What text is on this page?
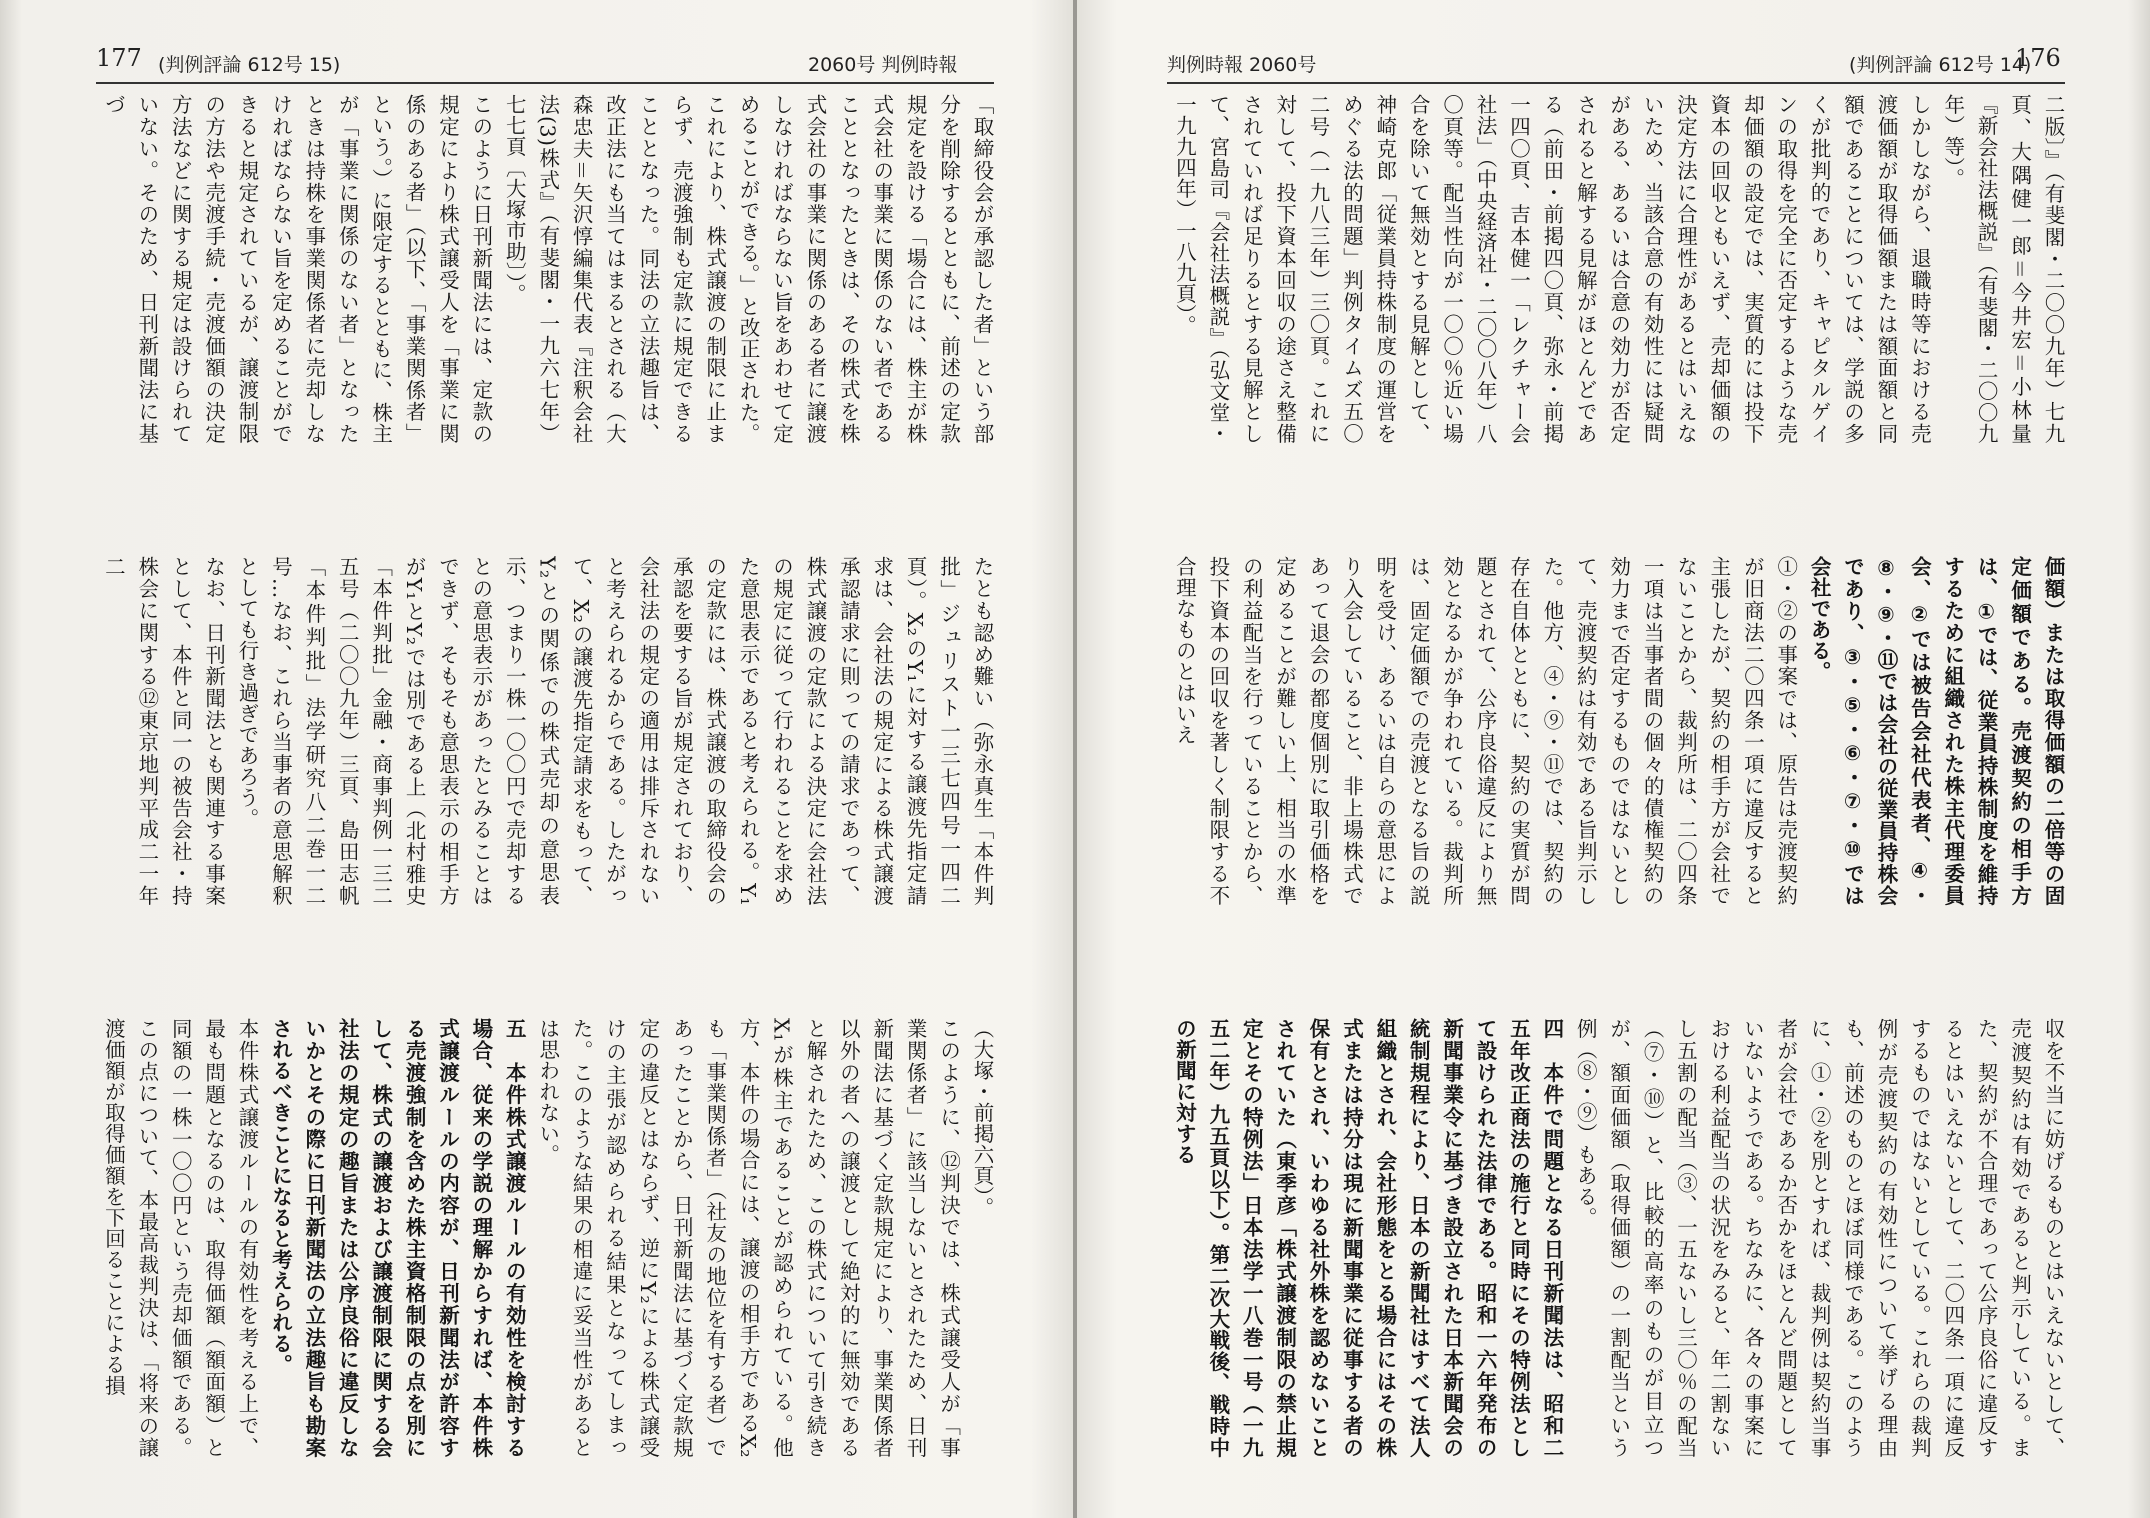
177 (判例評論 612号 15)	2060号 判例時報
「取締役会が承認した者」という部分を削除するとともに、前述の定款規定を設ける「場合には、株主が株式会社の事業に関係のない者であることとなったときは、その株式を株式会社の事業に関係のある者に譲渡しなければならない旨をあわせて定めることができる。」と改正された。これにより、株式譲渡の制限に止まらず、売渡強制も定款に規定できることとなった。同法の立法趣旨は、改正法にも当てはまるとされる（大森忠夫＝矢沢惇編集代表『注釈会社法(3)株式』（有斐閣・一九六七年）七七頁〔大塚市助〕）。
このように日刊新聞法には、定款の規定により株式譲受人を「事業に関係のある者」（以下、「事業関係者」という。）に限定するとともに、株主が「事業に関係のない者」となったときは持株を事業関係者に売却しなければならない旨を定めることができると規定されているが、譲渡制限の方法や売渡手続・売渡価額の決定方法などに関する規定は設けられていない。そのため、日刊新聞法に基づ
たとも認め難い（弥永真生「本件判批」ジュリスト一三七四号一四二頁）。X₂のY₁に対する譲渡先指定請求は、会社法の規定による株式譲渡承認請求に則っての請求であって、株式譲渡の定款による決定に会社法の規定に従って行われることを求めた意思表示であると考えられる。Y₁の定款には、株式譲渡の取締役会の承認を要する旨が規定されており、会社法の規定の適用は排斥されないと考えられるからである。したがって、X₂の譲渡先指定請求をもって、Y₂との関係での株式売却の意思表示、つまり一株一〇〇円で売却するとの意思表示があったとみることはできず、そもそも意思表示の相手方がY₁とY₂では別である上（北村雅史「本件判批」金融・商事判例一三二五号（二〇〇九年）三頁、島田志帆「本件判批」法学研究八二巻一二号…なお、これら当事者の意思解釈としても行き過ぎであろう。
なお、日刊新聞法とも関連する事案として、本件と同一の被告会社・持株会に関する⑫東京地判平成二一年二
（大塚・前掲六頁）。
このように、⑫判決では、株式譲受人が「事業関係者」に該当しないとされたため、日刊新聞法に基づく定款規定により、事業関係者以外の者への譲渡として絶対的に無効であると解されたため、この株式について引き続きX₁が株主であることが認められている。他方、本件の場合には、譲渡の相手方であるX₂も「事業関係者」（社友の地位を有する者）であったことから、日刊新聞法に基づく定款規定の違反とはならず、逆にY₂による株式譲受けの主張が認められる結果となってしまった。このような結果の相違に妥当性があるとは思われない。
五　本件株式譲渡ルールの有効性を検討する場合、従来の学説の理解からすれば、本件株式譲渡ルールの内容が、日刊新聞法が許容する売渡強制を含めた株主資格制限の点を別にして、株式の譲渡および譲渡制限に関する会社法の規定の趣旨または公序良俗に違反しないかとその際に日刊新聞法の立法趣旨も勘案されるべきことになると考えられる。
本件株式譲渡ルールの有効性を考える上で、最も問題となるのは、取得価額（額面額）と同額の一株一〇〇円という売却価額である。この点について、本最高裁判決は、「将来の譲渡価額が取得価額を下回ることによる損
判例時報 2060号	(判例評論 612号 14)
176
二版〕』（有斐閣・二〇〇九年）七九頁、大隅健一郎＝今井宏＝小林量『新会社法概説』（有斐閣・二〇〇九年）等）。
しかしながら、退職時等における売渡価額が取得価額または額面額と同額であることについては、学説の多くが批判的であり、キャピタルゲインの取得を完全に否定するような売却価額の設定では、実質的には投下資本の回収ともいえず、売却価額の決定方法に合理性があるとはいえないため、当該合意の有効性には疑問がある、あるいは合意の効力が否定されると解する見解がほとんどである（前田・前掲四〇頁、弥永・前掲一四〇頁、吉本健一「レクチャー会社法」（中央経済社・二〇〇八年）八〇頁等。配当性向が一〇〇％近い場合を除いて無効とする見解として、神崎克郎「従業員持株制度の運営をめぐる法的問題」判例タイムズ五〇二号（一九八三年）三〇頁。これに対して、投下資本回収の途さえ整備されていれば足りるとする見解として、宮島司『会社法概説』（弘文堂・一九九四年）一八九頁）。
　価額）または取得価額の二倍等の固定価額である。売渡契約の相手方は、①では、従業員持株制度を維持するために組織された株主代理委員会、②では被告会社代表者、④・⑧・⑨・⑪では会社の従業員持株会であり、③・⑤・⑥・⑦・⑩では会社である。
①・②の事案では、原告は売渡契約が旧商法二〇四条一項に違反すると主張したが、契約の相手方が会社でないことから、裁判所は、二〇四条一項は当事者間の個々的債権契約の効力まで否定するものではないとして、売渡契約は有効である旨判示した。他方、④・⑨・⑪では、契約の存在自体とともに、契約の実質が問題とされて、公序良俗違反により無効となるかが争われている。裁判所は、固定価額での売渡となる旨の説明を受け、あるいは自らの意思により入会していること、非上場株式であって退会の都度個別に取引価格を定めることが難しい上、相当の水準の利益配当を行っていることから、投下資本の回収を著しく制限する不合理なものとはいえ
収を不当に妨げるものとはいえないとして、売渡契約は有効であると判示している。また、契約が不合理であって公序良俗に違反するとはいえないとして、二〇四条一項に違反するものではないとしている。これらの裁判例が売渡契約の有効性について挙げる理由も、前述のものとほぼ同様である。このように、①・②を別とすれば、裁判例は契約当事者が会社であるか否かをほとんど問題としていないようである。ちなみに、各々の事案における利益配当の状況をみると、年二割ないし五割の配当（③、一五ないし三〇％の配当（⑦・⑩）と、比較的高率のものが目立つが、額面価額（取得価額）の一割配当という例（⑧・⑨）もある。
四　本件で問題となる日刊新聞法は、昭和二五年改正商法の施行と同時にその特例法として設けられた法律である。昭和一六年発布の新聞事業令に基づき設立された日本新聞会の統制規程により、日本の新聞社はすべて法人組織とされ、会社形態をとる場合にはその株式または持分は現に新聞事業に従事する者の保有とされ、いわゆる社外株を認めないことされていた（東季彦「株式譲渡制限の禁止規定とその特例法」日本法学一八巻一号（一九五二年）九五頁以下）。第二次大戦後、戦時中の新聞に対する
